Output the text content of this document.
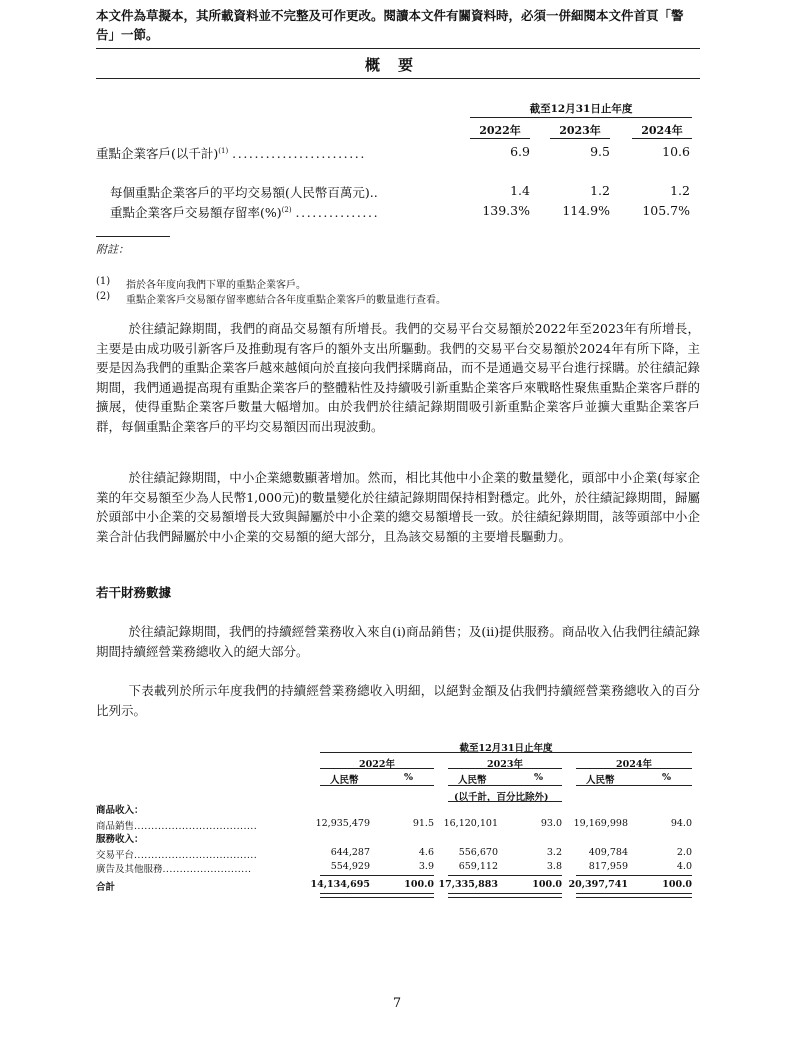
本文件為草擬本，其所載資料並不完整及可作更改。閱讀本文件有關資料時，必須一併細閱本文件首頁「警告」一節。
概要
截至12月31日止年度
2022年	2023年	2024年
重點企業客戶(以千計)$^{(1)}$ ........................	6.9	9.5	10.6
每個重點企業客戶的平均交易額(人民幣百萬元)..	1.4	1.2	1.2
重點企業客戶交易額存留率(%)$^{(2)}$ ...............	139.3%	114.9%	105.7%
附註：
(1) 指於各年度向我們下單的重點企業客戶。
(2) 重點企業客戶交易額存留率應結合各年度重點企業客戶的數量進行查看。
於往績記錄期間，我們的商品交易額有所增長。我們的交易平台交易額於2022年至2023年有所增長，主要是由成功吸引新客戶及推動現有客戶的額外支出所驅動。我們的交易平台交易額於2024年有所下降，主要是因為我們的重點企業客戶越來越傾向於直接向我們採購商品，而不是通過交易平台進行採購。於往績記錄期間，我們通過提高現有重點企業客戶的整體粘性及持續吸引新重點企業客戶來戰略性聚焦重點企業客戶群的擴展，使得重點企業客戶數量大幅增加。由於我們於往績記錄期間吸引新重點企業客戶並擴大重點企業客戶群，每個重點企業客戶的平均交易額因而出現波動。
於往績記錄期間，中小企業總數顯著增加。然而，相比其他中小企業的數量變化，頭部中小企業(每家企業的年交易額至少為人民幣1,000元)的數量變化於往績記錄期間保持相對穩定。此外，於往績記錄期間，歸屬於頭部中小企業的交易額增長大致與歸屬於中小企業的總交易額增長一致。於往績紀錄期間，該等頭部中小企業合計佔我們歸屬於中小企業的交易額的絕大部分，且為該交易額的主要增長驅動力。
若干財務數據
於往績記錄期間，我們的持續經營業務收入來自(i)商品銷售；及(ii)提供服務。商品收入佔我們往績記錄期間持續經營業務總收入的絕大部分。
下表載列於所示年度我們的持續經營業務總收入明細，以絕對金額及佔我們持續經營業務總收入的百分比列示。
截至12月31日止年度
2022年	2023年	2024年
人民幣	%	人民幣	%	人民幣	%
(以千計，百分比除外)
商品收入：
商品銷售....................................	12,935,479	91.5	16,120,101	93.0	19,169,998	94.0
服務收入：
交易平台....................................	644,287	4.6	556,670	3.2	409,784	2.0
廣告及其他服務..........................	554,929	3.9	659,112	3.8	817,959	4.0
合計	14,134,695	100.0 17,335,883	100.0 20,397,741	100.0
7
